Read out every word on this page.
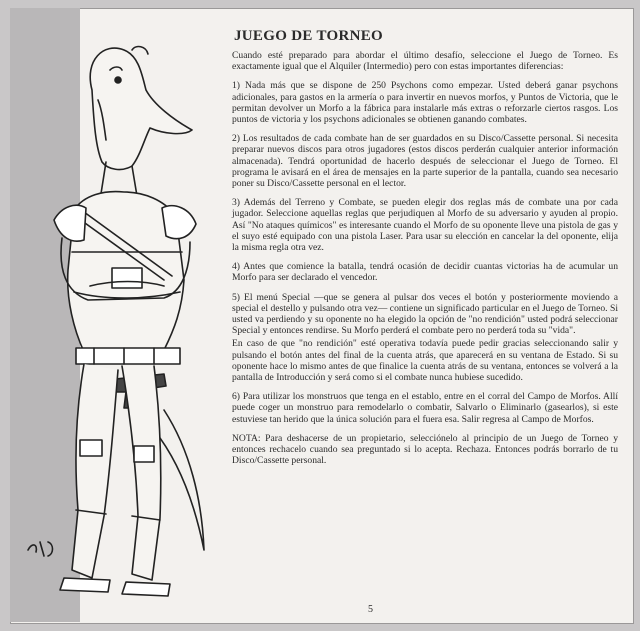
JUEGO DE TORNEO

Cuando esté preparado para abordar el último desafío, seleccione el Juego de Torneo. Es exactamente igual que el Alquiler (Intermedio) pero con estas importantes diferencias:

1) Nada más que se dispone de 250 Psychons como empezar. Usted deberá ganar psychons adicionales, para gastos en la armería o para invertir en nuevos morfos, y Puntos de Victoria, que le permitan devolver un Morfo a la fábrica para instalarle más extras o reforzarle ciertos rasgos. Los puntos de victoria y los psychons adicionales se obtienen ganando combates.

2) Los resultados de cada combate han de ser guardados en su Disco/Cassette personal. Si necesita preparar nuevos discos para otros jugadores (estos discos perderán cualquier anterior información almacenada). Tendrá oportunidad de hacerlo después de seleccionar el Juego de Torneo. El programa le avisará en el área de mensajes en la parte superior de la pantalla, cuando sea necesario poner su Disco/Cassette personal en el lector.

3) Además del Terreno y Combate, se pueden elegir dos reglas más de combate una por cada jugador. Seleccione aquellas reglas que perjudiquen al Morfo de su adversario y ayuden al propio. Así "No ataques químicos" es interesante cuando el Morfo de su oponente lleve una pistola de gas y el suyo esté equipado con una pistola Laser. Para usar su elección en cancelar la del oponente, elija la misma regla otra vez.

4) Antes que comience la batalla, tendrá ocasión de decidir cuantas victorias ha de acumular un Morfo para ser declarado el vencedor.

5) El menú Special —que se genera al pulsar dos veces el botón y posteriormente moviendo a special el destello y pulsando otra vez— contiene un significado particular en el Juego de Torneo. Si usted va perdiendo y su oponente no ha elegido la opción de "no rendición" usted podrá seleccionar Special y entonces rendirse. Su Morfo perderá el combate pero no perderá toda su "vida".

En caso de que "no rendición" esté operativa todavía puede pedir gracias seleccionando salir y pulsando el botón antes del final de la cuenta atrás, que aparecerá en su ventana de Estado. Si su oponente hace lo mismo antes de que finalice la cuenta atrás de su ventana, entonces se volverá a la pantalla de Introducción y será como si el combate nunca hubiese sucedido.

6) Para utilizar los monstruos que tenga en el establo, entre en el corral del Campo de Morfos. Allí puede coger un monstruo para remodelarlo o combatir, Salvarlo o Eliminarlo (gasearlos), si este estuviese tan herido que la única solución para el fuera esa. Salir regresa al Campo de Morfos.

NOTA: Para deshacerse de un propietario, selecciónelo al principio de un Juego de Torneo y entonces rechacelo cuando sea preguntado si lo acepta. Rechaza. Entonces podrás borrarlo de tu Disco/Cassette personal.

5
